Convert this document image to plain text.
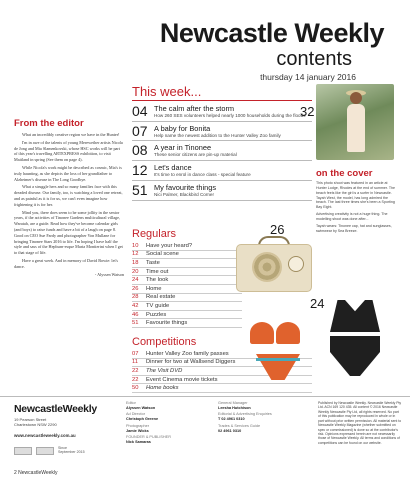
Newcastle Weekly
contents
thursday 14 january 2016
From the editor

What an incredibly creative region we have in the Hunter!

I'm in awe of the talents of young Merewether artists Nicola de Jong and Mia Slamenkovski, whose HSC works will be part of this year's travelling ARTEXPRESS exhibition, to visit Maitland in spring (See them on page 4).

While Nicola's work might be described as cosmic, Mia's is truly haunting, as she depicts the loss of her grandfather to Alzheimer's disease in The Long Goodbye.

What a struggle hers and so many families face with this dreaded disease. Our family, too, is watching a loved one retreat, and as painful as it is for us, we can't even imagine how frightening it is for her.

Mind you, there does seem to be some jollity in the senior years, if the activities of Tinonee Gardens multicultural village, Waratah, are a guide. Read how they've become calendar girls (and boys) to raise funds and have a bit of a laugh on page 8. Good on CEO Sue Fardy and photographer Von Mullane for bringing Tinonee Stars 2016 to life. I'm hoping I have half the style and sass of the Hepburn-esque Maria Montierini when I get to that stage of life.

Have a great week. And in memory of David Bowie: let's dance.

- Alyssen Watson
This week...
04 The calm after the storm
How 260 SES volunteers helped nearly 1000 households during the floods
07 A baby for Bonita
Help name the newest addition to the Hunter Valley Zoo family
08 A year in Tinonee
These senior citizens are pin-up material
12 Let's dance
It's time to enrol in dance class - special feature
51 My favourite things
Nici Palmer, Blackbird Corner
Regulars
10	Have your heard?
12	Social scene
18	Taste
20	Time out
24	The look
26	Home
28	Real estate
42	TV guide
46	Puzzles
51	Favourite things
Competitions
07	Hunter Valley Zoo family passes
11	Dinner for two at Wallsend Diggers
22	The Visit DVD
22	Event Cinema movie tickets
50	Home books
32
on the cover

This photo shoot was featured in an article at Hunter Lodge, Rhodes at the end of summer. The beach feels like the girl is a surfer in Newcastle. Tayah West, the model, has long admired the beach. The last three times she's been a Sporting Bay Eight.

Advertising creativity is not a huge thing. The modelling shoot was done after...

Tayah wears: Tinonee cap, hat and sunglasses, swimwear by Sea Breeze.

26
24
NewcastleWeekly
19 Pearson Street
Charlestown NSW 2290
www.newcastleweekly.com.au
Since
September 2015
Editor
Alyssen Watson
Ad Director
Christoph Greene
Photographer
Jamie Wicks
FOUNDER & PUBLISHER
Nick Samaras
General Manager
Leesha Hutchison
Editorial & Advertising Enquiries
T 02 4961 0310
Trades & Services Guide
02 4961 0310
Published by Newcastle Weekly. Newcastle Weekly Pty Ltd. ACN 169 120 435. All content © 2016 Newcastle Weekly Newcastle Pty Ltd, all rights reserved. No part of this publication may be reproduced in whole or in part without prior written permission. All material sent to Newcastle Weekly Magazine (whether submitted on spec or commissioned) is done so at the contributor's risk. Opinions expressed herein are not necessarily those of Newcastle Weekly. All terms and conditions of competitions can be found on our website.
2 NewcastleWeekly
